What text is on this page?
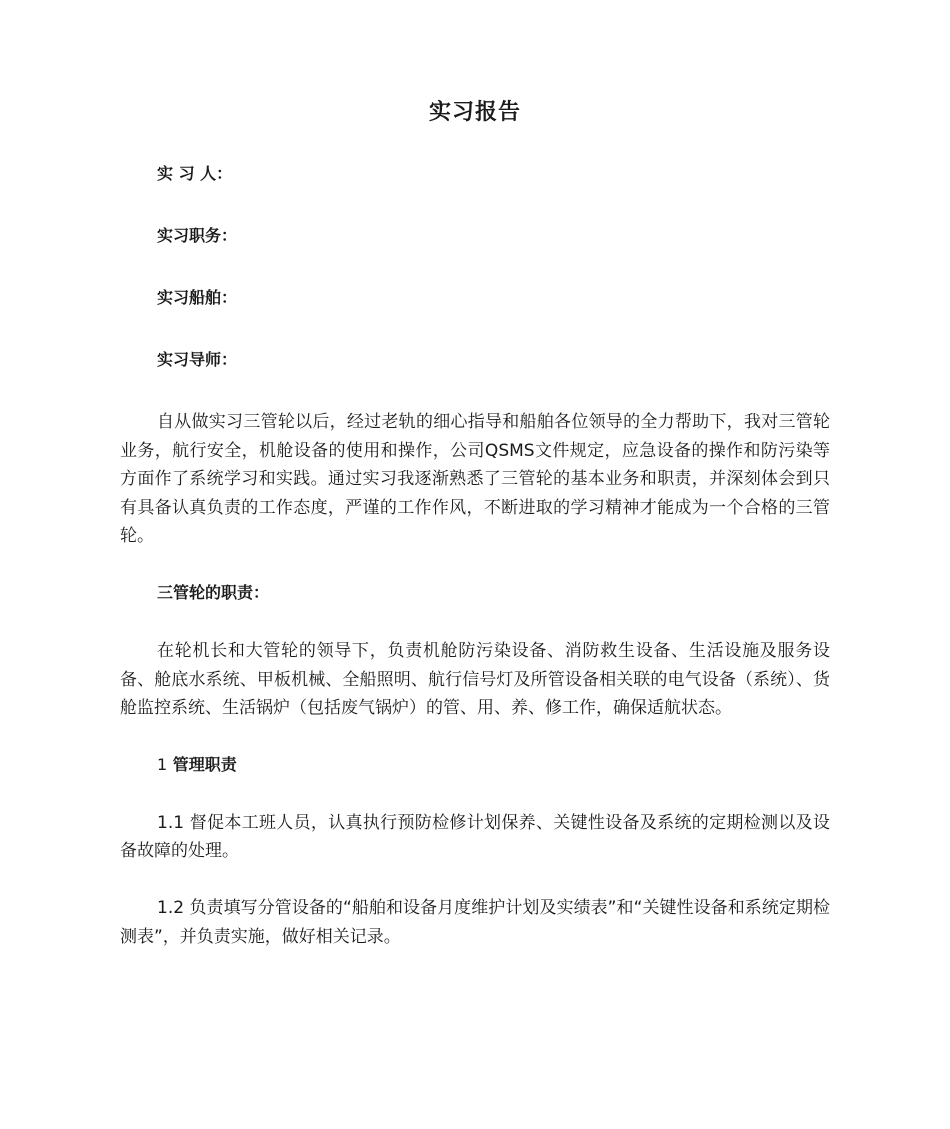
实习报告
实 习 人：
实习职务：
实习船舶：
实习导师：

自从做实习三管轮以后，经过老轨的细心指导和船舶各位领导的全力帮助下，我对三管轮业务，航行安全，机舱设备的使用和操作，公司QSMS文件规定，应急设备的操作和防污染等方面作了系统学习和实践。通过实习我逐渐熟悉了三管轮的基本业务和职责，并深刻体会到只有具备认真负责的工作态度，严谨的工作作风，不断进取的学习精神才能成为一个合格的三管轮。

三管轮的职责：

在轮机长和大管轮的领导下，负责机舱防污染设备、消防救生设备、生活设施及服务设备、舱底水系统、甲板机械、全船照明、航行信号灯及所管设备相关联的电气设备（系统）、货舱监控系统、生活锅炉（包括废气锅炉）的管、用、养、修工作，确保适航状态。

1 管理职责

1.1 督促本工班人员，认真执行预防检修计划保养、关键性设备及系统的定期检测以及设备故障的处理。

1.2 负责填写分管设备的“船舶和设备月度维护计划及实绩表”和“关键性设备和系统定期检测表”，并负责实施，做好相关记录。
